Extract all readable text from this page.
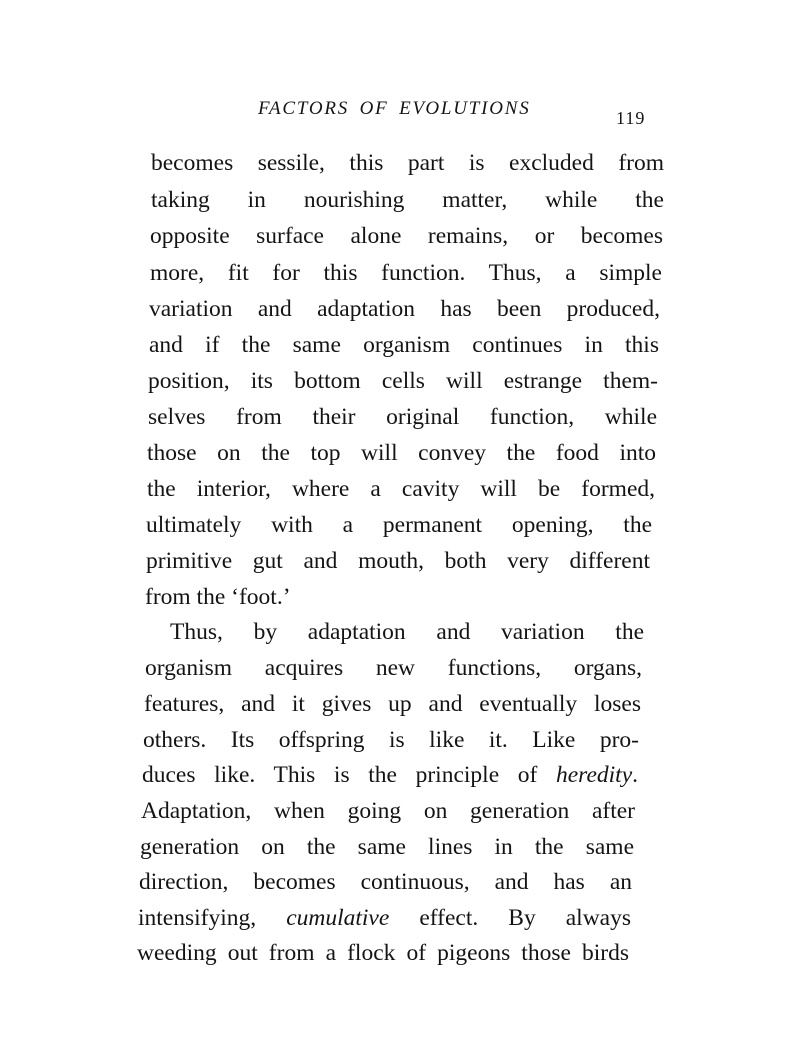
FACTORS OF EVOLUTIONS	119
becomes sessile, this part is excluded from
taking in nourishing matter, while the
opposite surface alone remains, or becomes
more, fit for this function. Thus, a simple
variation and adaptation has been produced,
and if the same organism continues in this
position, its bottom cells will estrange them-
selves from their original function, while
those on the top will convey the food into
the interior, where a cavity will be formed,
ultimately with a permanent opening, the
primitive gut and mouth, both very different
from the ‘foot.’
Thus, by adaptation and variation the
organism acquires new functions, organs,
features, and it gives up and eventually loses
others. Its offspring is like it. Like pro-
duces like. This is the principle of heredity.
Adaptation, when going on generation after
generation on the same lines in the same
direction, becomes continuous, and has an
intensifying, cumulative effect. By always
weeding out from a flock of pigeons those birds
